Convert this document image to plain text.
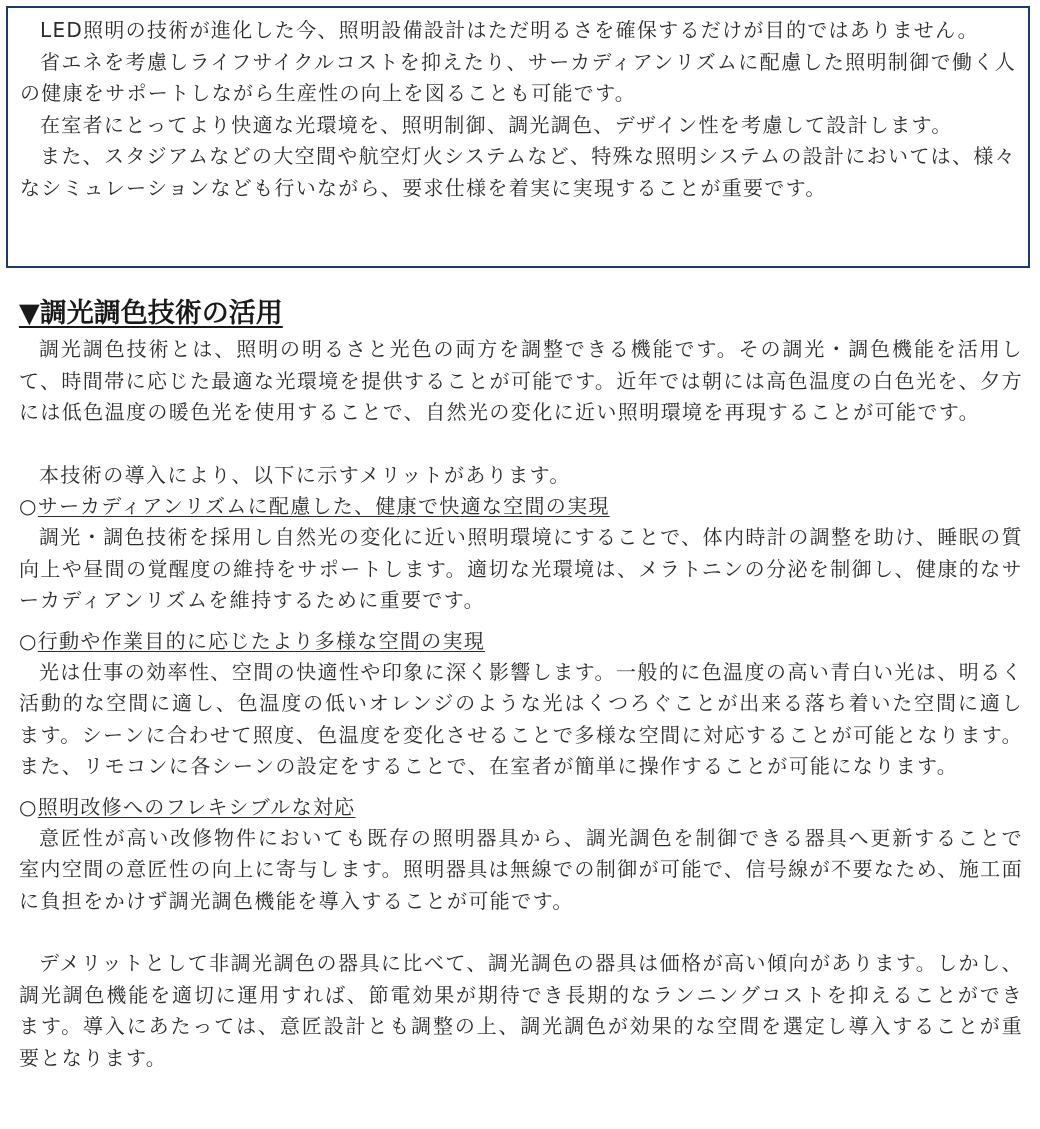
LED照明の技術が進化した今、照明設備設計はただ明るさを確保するだけが目的ではありません。

省エネを考慮しライフサイクルコストを抑えたり、サーカディアンリズムに配慮した照明制御で働く人の健康をサポートしながら生産性の向上を図ることも可能です。

在室者にとってより快適な光環境を、照明制御、調光調色、デザイン性を考慮して設計します。

また、スタジアムなどの大空間や航空灯火システムなど、特殊な照明システムの設計においては、様々なシミュレーションなども行いながら、要求仕様を着実に実現することが重要です。

▼調光調色技術の活用

調光調色技術とは、照明の明るさと光色の両方を調整できる機能です。その調光・調色機能を活用して、時間帯に応じた最適な光環境を提供することが可能です。近年では朝には高色温度の白色光を、夕方には低色温度の暖色光を使用することで、自然光の変化に近い照明環境を再現することが可能です。

本技術の導入により、以下に示すメリットがあります。

○サーカディアンリズムに配慮した、健康で快適な空間の実現

調光・調色技術を採用し自然光の変化に近い照明環境にすることで、体内時計の調整を助け、睡眠の質向上や昼間の覚醒度の維持をサポートします。適切な光環境は、メラトニンの分泌を制御し、健康的なサーカディアンリズムを維持するために重要です。

○行動や作業目的に応じたより多様な空間の実現

光は仕事の効率性、空間の快適性や印象に深く影響します。一般的に色温度の高い青白い光は、明るく活動的な空間に適し、色温度の低いオレンジのような光はくつろぐことが出来る落ち着いた空間に適します。シーンに合わせて照度、色温度を変化させることで多様な空間に対応することが可能となります。また、リモコンに各シーンの設定をすることで、在室者が簡単に操作することが可能になります。

○照明改修へのフレキシブルな対応

意匠性が高い改修物件においても既存の照明器具から、調光調色を制御できる器具へ更新することで室内空間の意匠性の向上に寄与します。照明器具は無線での制御が可能で、信号線が不要なため、施工面に負担をかけず調光調色機能を導入することが可能です。

デメリットとして非調光調色の器具に比べて、調光調色の器具は価格が高い傾向があります。しかし、調光調色機能を適切に運用すれば、節電効果が期待でき長期的なランニングコストを抑えることができます。導入にあたっては、意匠設計とも調整の上、調光調色が効果的な空間を選定し導入することが重要となります。
